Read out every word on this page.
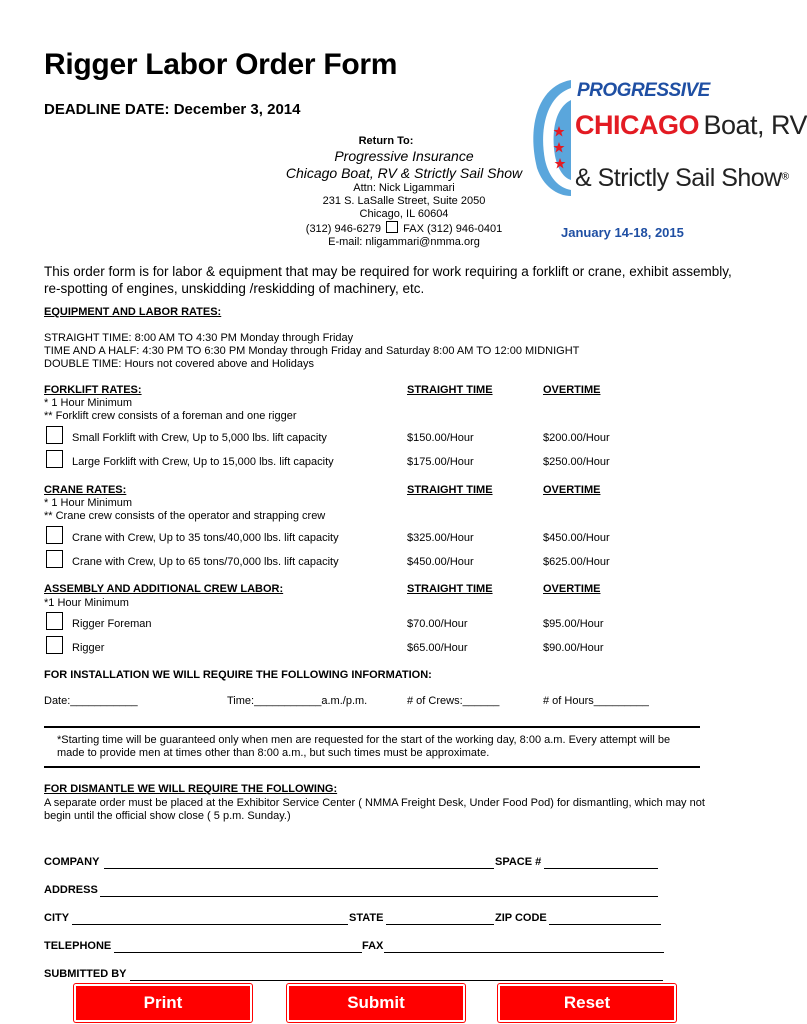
Rigger Labor Order Form
DEADLINE DATE: December 3, 2014
Return To:
Progressive Insurance
Chicago Boat, RV & Strictly Sail Show
Attn: Nick Ligammari
231 S. LaSalle Street, Suite 2050
Chicago, IL 60604
(312) 946-6279 FAX (312) 946-0401
E-mail: nligammari@nmma.org
PROGRESSIVE
CHICAGO Boat, RV
& Strictly Sail Show®
January 14-18, 2015
This order form is for labor & equipment that may be required for work requiring a forklift or crane, exhibit assembly, re-spotting of engines, unskidding /reskidding of machinery, etc.
EQUIPMENT AND LABOR RATES:
STRAIGHT TIME: 8:00 AM TO 4:30 PM Monday through Friday
TIME AND A HALF: 4:30 PM TO 6:30 PM Monday through Friday and Saturday 8:00 AM TO 12:00 MIDNIGHT
DOUBLE TIME: Hours not covered above and Holidays
FORKLIFT RATES:	STRAIGHT TIME	OVERTIME
* 1 Hour Minimum
** Forklift crew consists of a foreman and one rigger
Small Forklift with Crew, Up to 5,000 lbs. lift capacity	$150.00/Hour	$200.00/Hour
Large Forklift with Crew, Up to 15,000 lbs. lift capacity	$175.00/Hour	$250.00/Hour
CRANE RATES:	STRAIGHT TIME	OVERTIME
* 1 Hour Minimum
** Crane crew consists of the operator and strapping crew
Crane with Crew, Up to 35 tons/40,000 lbs. lift capacity	$325.00/Hour	$450.00/Hour
Crane with Crew, Up to 65 tons/70,000 lbs. lift capacity	$450.00/Hour	$625.00/Hour
ASSEMBLY AND ADDITIONAL CREW LABOR:	STRAIGHT TIME	OVERTIME
*1 Hour Minimum
Rigger Foreman	$70.00/Hour	$95.00/Hour
Rigger	$65.00/Hour	$90.00/Hour
FOR INSTALLATION WE WILL REQUIRE THE FOLLOWING INFORMATION:
Date:___________	Time:___________a.m./p.m.	# of Crews:______	# of Hours_________
*Starting time will be guaranteed only when men are requested for the start of the working day, 8:00 a.m. Every attempt will be made to provide men at times other than 8:00 a.m., but such times must be approximate.
FOR DISMANTLE WE WILL REQUIRE THE FOLLOWING:
A separate order must be placed at the Exhibitor Service Center ( NMMA Freight Desk, Under Food Pod) for dismantling, which may not begin until the official show close ( 5 p.m. Sunday.)
COMPANY	SPACE #
ADDRESS
CITY	STATE	ZIP CODE
TELEPHONE	FAX
SUBMITTED BY
Print	Submit	Reset
